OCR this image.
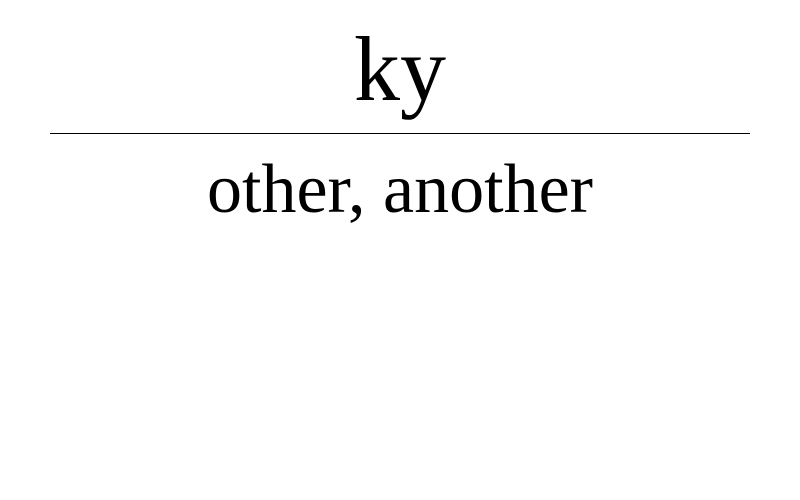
ky

other, another
